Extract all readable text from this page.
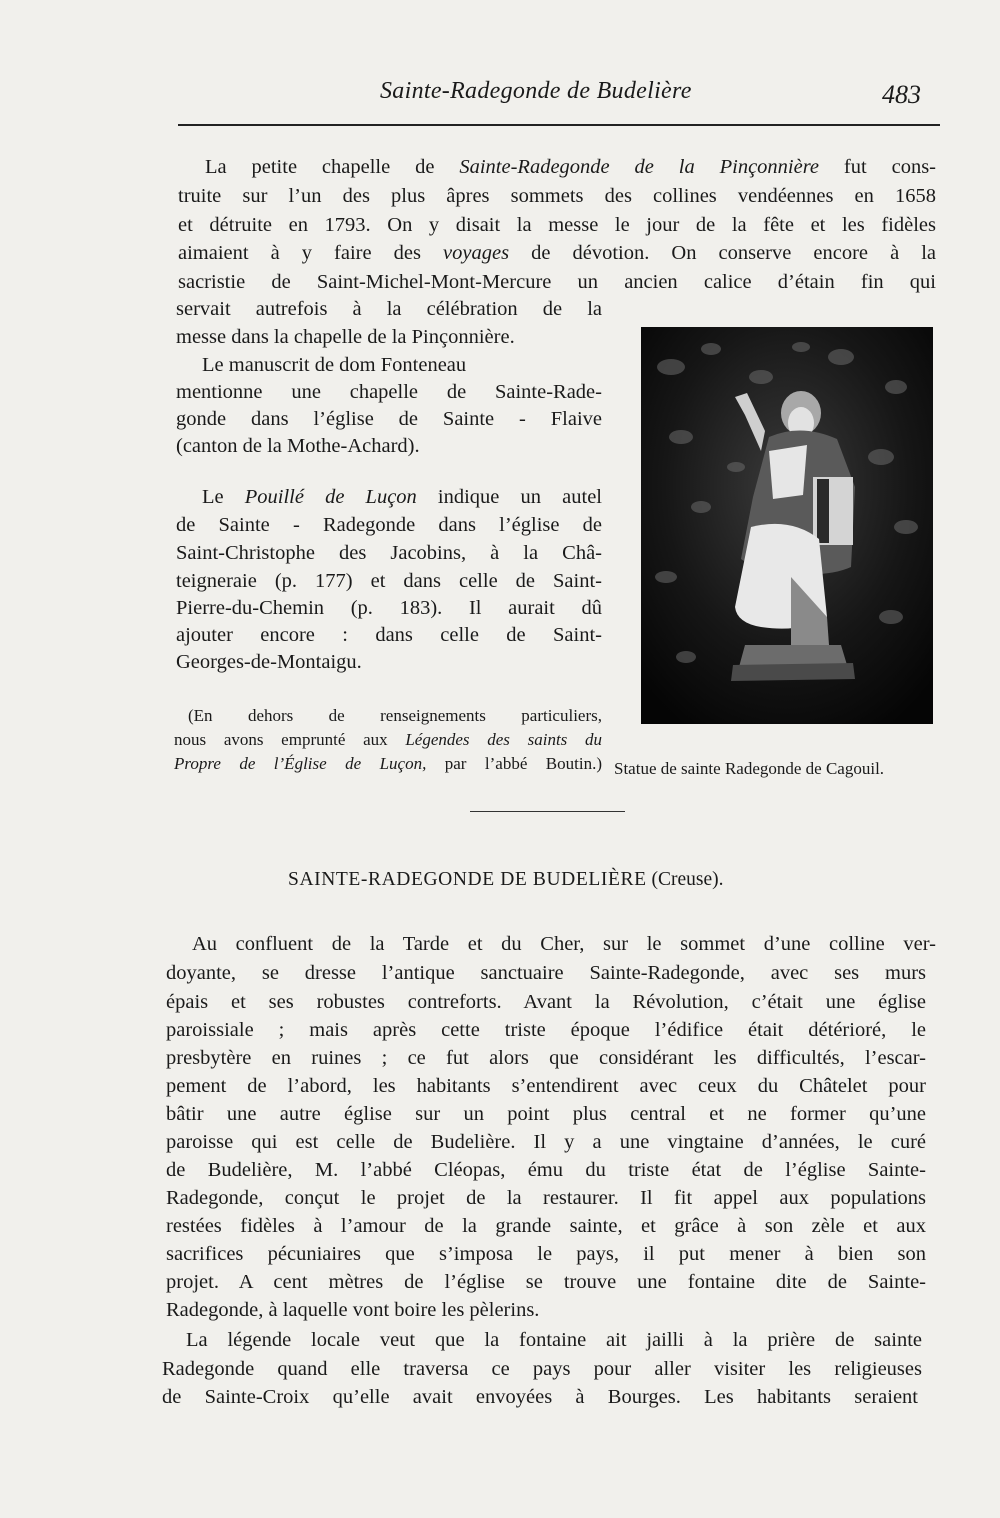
Sainte-Radegonde de Budelière	483
La petite chapelle de Sainte-Radegonde de la Pinçonnière fut cons-
truite sur l’un des plus âpres sommets des collines vendéennes en 1658
et détruite en 1793. On y disait la messe le jour de la fête et les fidèles
aimaient à y faire des voyages de dévotion. On conserve encore à la
sacristie de Saint-Michel-Mont-Mercure un ancien calice d’étain fin qui
servait autrefois à la célébration de la
messe dans la chapelle de la Pinçonnière.
Le manuscrit de dom Fonteneau
mentionne une chapelle de Sainte-Rade-
gonde dans l’église de Sainte - Flaive
(canton de la Mothe-Achard).
Le Pouillé de Luçon indique un autel
de Sainte - Radegonde dans l’église de
Saint-Christophe des Jacobins, à la Châ-
teigneraie (p. 177) et dans celle de Saint-
Pierre-du-Chemin (p. 183). Il aurait dû
ajouter encore : dans celle de Saint-
Georges-de-Montaigu.
(En dehors de renseignements particuliers,
nous avons emprunté aux Légendes des saints du
Propre de l’Église de Luçon, par l’abbé Boutin.) Statue de sainte Radegonde de Cagouil.
SAINTE-RADEGONDE DE BUDELIÈRE (Creuse).
Au confluent de la Tarde et du Cher, sur le sommet d’une colline ver-
doyante, se dresse l’antique sanctuaire Sainte-Radegonde, avec ses murs
épais et ses robustes contreforts. Avant la Révolution, c’était une église
paroissiale ; mais après cette triste époque l’édifice était détérioré, le
presbytère en ruines ; ce fut alors que considérant les difficultés, l’escar-
pement de l’abord, les habitants s’entendirent avec ceux du Châtelet pour
bâtir une autre église sur un point plus central et ne former qu’une
paroisse qui est celle de Budelière. Il y a une vingtaine d’années, le curé
de Budelière, M. l’abbé Cléopas, ému du triste état de l’église Sainte-
Radegonde, conçut le projet de la restaurer. Il fit appel aux populations
restées fidèles à l’amour de la grande sainte, et grâce à son zèle et aux
sacrifices pécuniaires que s’imposa le pays, il put mener à bien son
projet. A cent mètres de l’église se trouve une fontaine dite de Sainte-
Radegonde, à laquelle vont boire les pèlerins.
La légende locale veut que la fontaine ait jailli à la prière de sainte
Radegonde quand elle traversa ce pays pour aller visiter les religieuses
de Sainte-Croix qu’elle avait envoyées à Bourges. Les habitants seraient
